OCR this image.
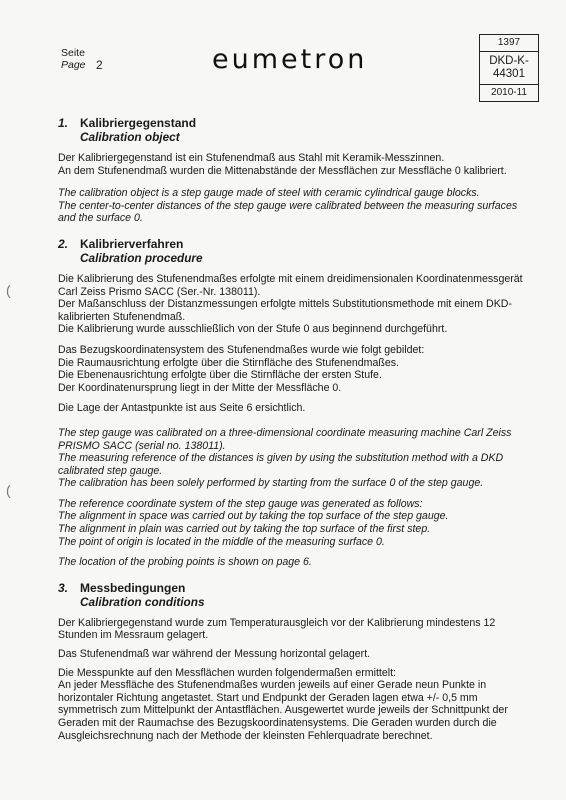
Seite
Page 2	eumetron
1397
DKD-K-44301
2010-11
(
(
1. Kalibriergegenstand
Calibration object

Der Kalibriergegenstand ist ein Stufenendmaß aus Stahl mit Keramik-Messzinnen.

An dem Stufenendmaß wurden die Mittenabstände der Messflächen zur Messfläche 0 kalibriert.

The calibration object is a step gauge made of steel with ceramic cylindrical gauge blocks.

The center-to-center distances of the step gauge were calibrated between the measuring surfaces and the surface 0.

2. Kalibrierverfahren
Calibration procedure

Die Kalibrierung des Stufenendmaßes erfolgte mit einem dreidimensionalen Koordinatenmessgerät Carl Zeiss Prismo SACC (Ser.-Nr. 138011).

Der Maßanschluss der Distanzmessungen erfolgte mittels Substitutionsmethode mit einem DKD-kalibrierten Stufenendmaß.

Die Kalibrierung wurde ausschließlich von der Stufe 0 aus beginnend durchgeführt.

Das Bezugskoordinatensystem des Stufenendmaßes wurde wie folgt gebildet:

Die Raumausrichtung erfolgte über die Stirnfläche des Stufenendmaßes.

Die Ebenenausrichtung erfolgte über die Stirnfläche der ersten Stufe.

Der Koordinatenursprung liegt in der Mitte der Messfläche 0.

Die Lage der Antastpunkte ist aus Seite 6 ersichtlich.

The step gauge was calibrated on a three-dimensional coordinate measuring machine Carl Zeiss PRISMO SACC (serial no. 138011).

The measuring reference of the distances is given by using the substitution method with a DKD calibrated step gauge.

The calibration has been solely performed by starting from the surface 0 of the step gauge.

The reference coordinate system of the step gauge was generated as follows:

The alignment in space was carried out by taking the top surface of the step gauge.

The alignment in plain was carried out by taking the top surface of the first step.

The point of origin is located in the middle of the measuring surface 0.

The location of the probing points is shown on page 6.

3. Messbedingungen
Calibration conditions

Der Kalibriergegenstand wurde zum Temperaturausgleich vor der Kalibrierung mindestens 12 Stunden im Messraum gelagert.

Das Stufenendmaß war während der Messung horizontal gelagert.

Die Messpunkte auf den Messflächen wurden folgendermaßen ermittelt:

An jeder Messfläche des Stufenendmaßes wurden jeweils auf einer Gerade neun Punkte in horizontaler Richtung angetastet. Start und Endpunkt der Geraden lagen etwa +/- 0,5 mm symmetrisch zum Mittelpunkt der Antastflächen. Ausgewertet wurde jeweils der Schnittpunkt der Geraden mit der Raumachse des Bezugskoordinatensystems. Die Geraden wurden durch die Ausgleichsrechnung nach der Methode der kleinsten Fehlerquadrate berechnet.
